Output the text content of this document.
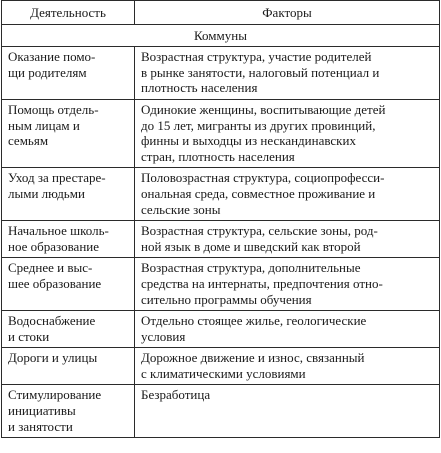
Деятельность	Факторы
Коммуны	

Оказание помо-
щи родителям	Возрастная структура, участие родителей
в рынке занятости, налоговый потенциал и
плотность населения

Помощь отдель-
ным лицам и
семьям	Одинокие женщины, воспитывающие детей
до 15 лет, мигранты из других провинций,
финны и выходцы из нескандинавских
стран, плотность населения

Уход за престаре-
лыми людьми	Половозрастная структура, социопрофесси-
ональная среда, совместное проживание и
сельские зоны

Начальное школь-
ное образование	Возрастная структура, сельские зоны, род-
ной язык в доме и шведский как второй

Среднее и выс-
шее образование	Возрастная структура, дополнительные
средства на интернаты, предпочтения отно-
сительно программы обучения

Водоснабжение
и стоки	Отдельно стоящее жилье, геологические
условия

Дороги и улицы	Дорожное движение и износ, связанный
с климатическими условиями

Стимулирование
инициативы
и занятости	Безработица
